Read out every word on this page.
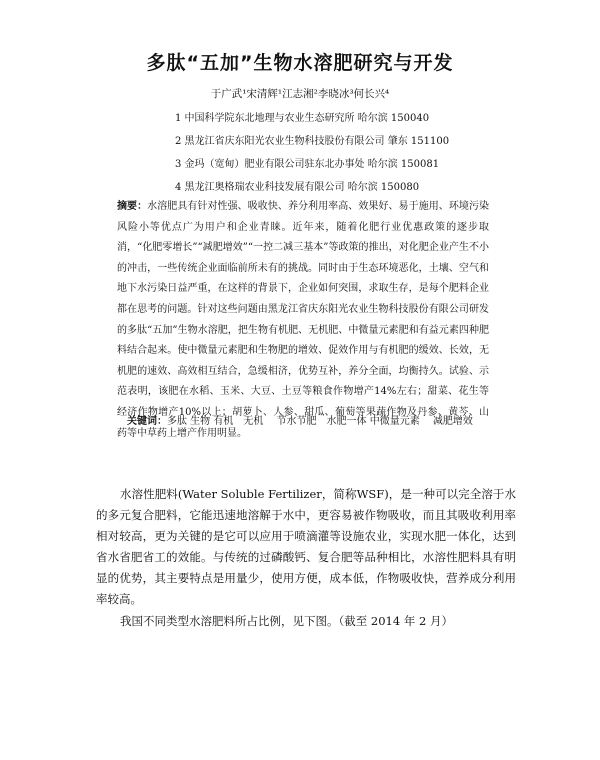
多肽“五加”生物水溶肥研究与开发
于广武¹宋清辉¹江志湘²李晓冰³何长兴⁴
1 中国科学院东北地理与农业生态研究所 哈尔滨 150040
2 黑龙江省庆东阳光农业生物科技股份有限公司 肇东 151100
3 金玛（宽甸）肥业有限公司驻东北办事处 哈尔滨 150081
4 黑龙江奥格瑞农业科技发展有限公司 哈尔滨 150080
摘要：水溶肥具有针对性强、吸收快、养分利用率高、效果好、易于施用、环境污染风险小等优点广为用户和企业青睐。近年来，随着化肥行业优惠政策的逐步取消，“化肥零增长”“减肥增效”“一控二减三基本”等政策的推出，对化肥企业产生不小的冲击，一些传统企业面临前所未有的挑战。同时由于生态环境恶化，土壤、空气和地下水污染日益严重，在这样的背景下，企业如何突围，求取生存，是每个肥料企业都在思考的问题。针对这些问题由黑龙江省庆东阳光农业生物科技股份有限公司研发的多肽“五加”生物水溶肥，把生物有机肥、无机肥、中微量元素肥和有益元素四种肥料结合起来。使中微量元素肥和生物肥的增效、促效作用与有机肥的缓效、长效，无机肥的速效、高效相互结合，急缓相济，优势互补，养分全面，均衡持久。试验、示范表明，该肥在水稻、玉米、大豆、土豆等粮食作物增产14%左右；甜菜、花生等经济作物增产10%以上；胡萝卜、人参、甜瓜、葡萄等果蔬作物及丹参、黄芩、山药等中草药上增产作用明显。
关键词：多肽 生物 有机　无机　 节水节肥　水肥一体 中微量元素　 减肥增效
水溶性肥料(Water Soluble Fertilizer，简称WSF)，是一种可以完全溶于水的多元复合肥料，它能迅速地溶解于水中，更容易被作物吸收，而且其吸收利用率相对较高，更为关键的是它可以应用于喷滴灌等设施农业，实现水肥一体化，达到省水省肥省工的效能。与传统的过磷酸钙、复合肥等品种相比，水溶性肥料具有明显的优势，其主要特点是用量少，使用方便，成本低，作物吸收快，营养成分利用率较高。
我国不同类型水溶肥料所占比例，见下图。（截至 2014 年 2 月）
